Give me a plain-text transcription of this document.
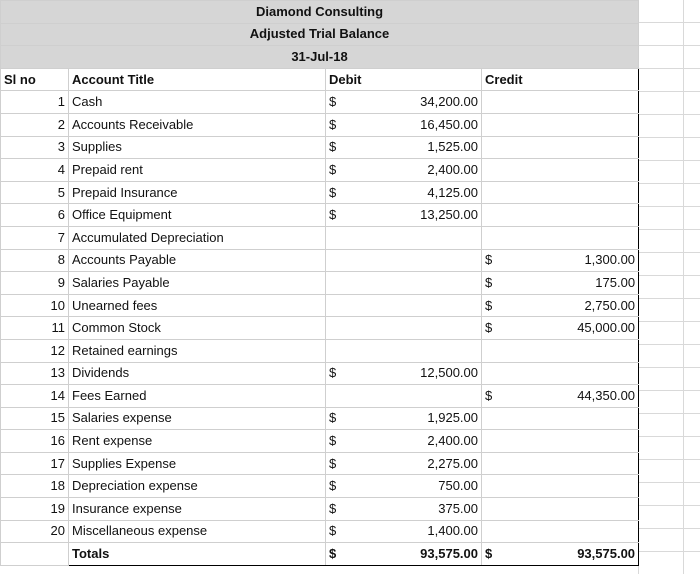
Diamond Consulting					
Adjusted Trial Balance					
31-Jul-18					
Sl no	Account Title	Debit		Credit	
1	Cash	$	34,200.00		
2	Accounts Receivable	$	16,450.00		
3	Supplies	$	1,525.00		
4	Prepaid rent	$	2,400.00		
5	Prepaid Insurance	$	4,125.00		
6	Office Equipment	$	13,250.00		
7	Accumulated Depreciation				
8	Accounts Payable			$	1,300.00
9	Salaries Payable			$	175.00
10	Unearned fees			$	2,750.00
11	Common Stock			$	45,000.00
12	Retained earnings				
13	Dividends	$	12,500.00		
14	Fees Earned			$	44,350.00
15	Salaries expense	$	1,925.00		
16	Rent expense	$	2,400.00		
17	Supplies Expense	$	2,275.00		
18	Depreciation expense	$	750.00		
19	Insurance expense	$	375.00		
20	Miscellaneous expense	$	1,400.00		
	Totals	$	93,575.00	$	93,575.00
